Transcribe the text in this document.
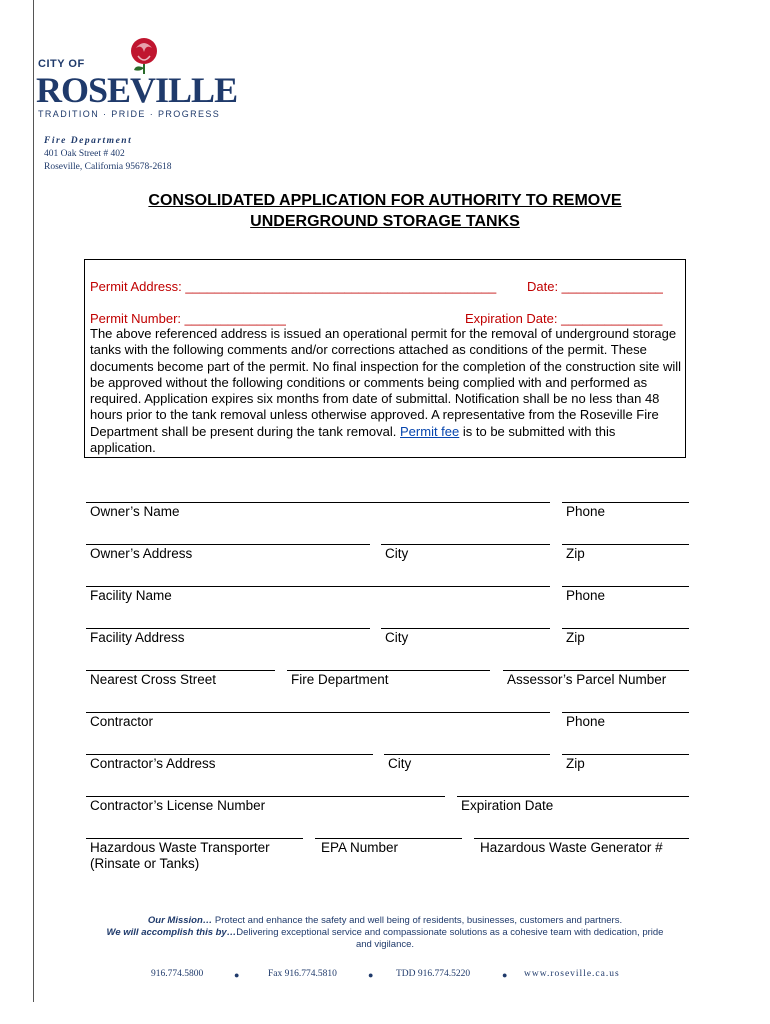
CITY OF
ROSEVILLE
TRADITION · PRIDE · PROGRESS
Fire Department
401 Oak Street # 402
Roseville, California 95678-2618
CONSOLIDATED APPLICATION FOR AUTHORITY TO REMOVE
UNDERGROUND STORAGE TANKS
Permit Address: ___________________________________________ Date: ______________
Permit Number: ______________	Expiration Date: ______________
The above referenced address is issued an operational permit for the removal of underground storage tanks with the following comments and/or corrections attached as conditions of the permit. These documents become part of the permit. No final inspection for the completion of the construction site will be approved without the following conditions or comments being complied with and performed as required. Application expires six months from date of submittal. Notification shall be no less than 48 hours prior to the tank removal unless otherwise approved. A representative from the Roseville Fire Department shall be present during the tank removal. Permit fee is to be submitted with this application.
Owner’s Name	Phone
Owner’s Address	City	Zip
Facility Name	Phone
Facility Address	City	Zip
Nearest Cross Street	Fire Department	Assessor’s Parcel Number
Contractor	Phone
Contractor’s Address	City	Zip
Contractor’s License Number	Expiration Date
Hazardous Waste Transporter
(Rinsate or Tanks)
EPA Number	Hazardous Waste Generator #
Our Mission… Protect and enhance the safety and well being of residents, businesses, customers and partners.
We will accomplish this by…Delivering exceptional service and compassionate solutions as a cohesive team with dedication, pride and vigilance.
916.774.5800	●	Fax 916.774.5810	● TDD 916.774.5220	● www.roseville.ca.us
